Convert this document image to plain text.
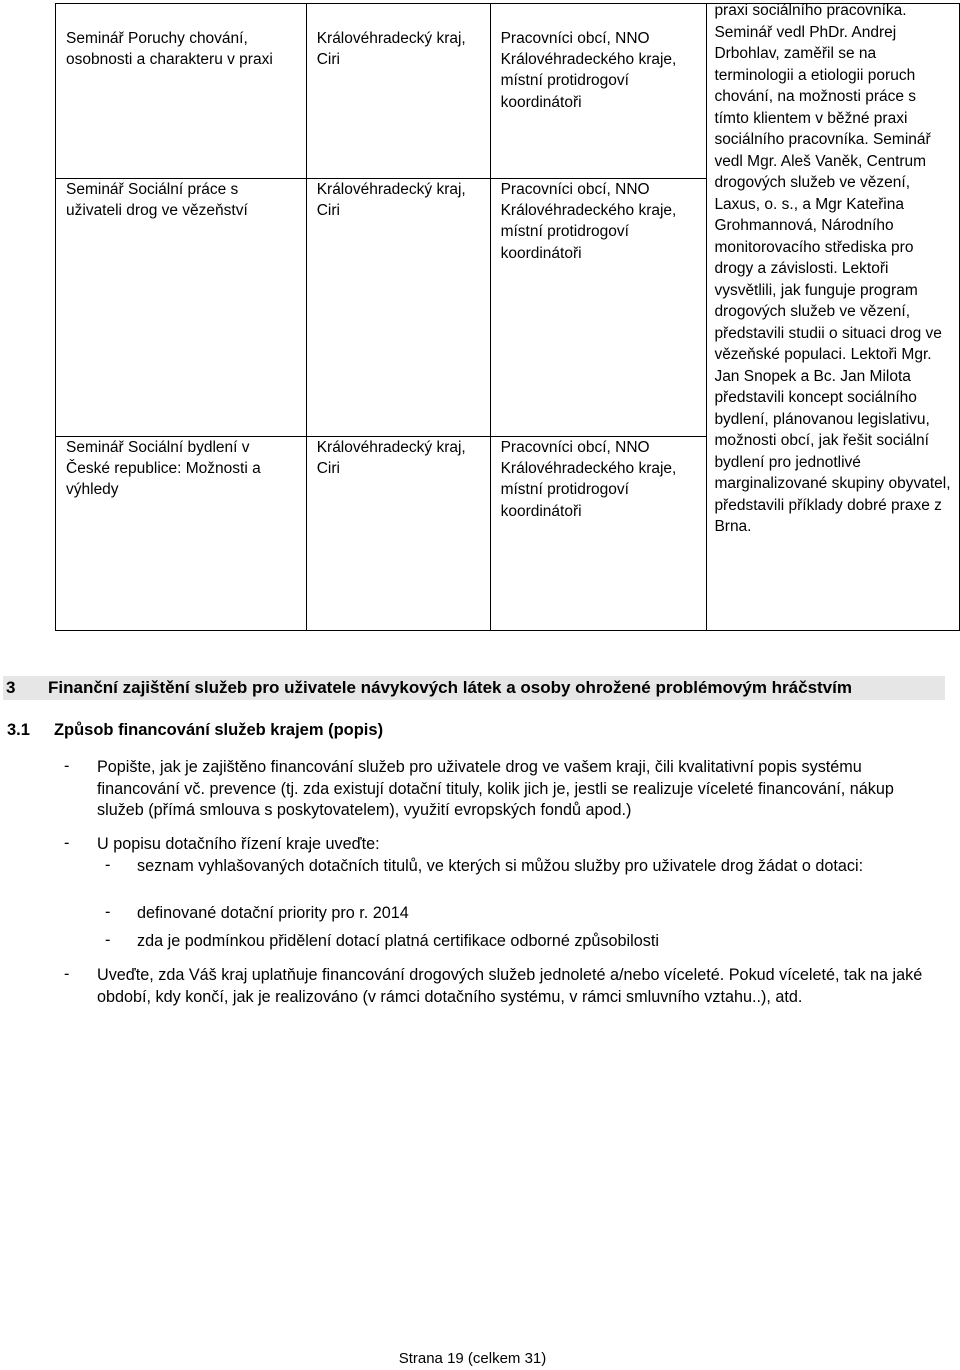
Seminář Poruchy chování, osobnosti a charakteru v praxi	Královéhradecký kraj, Ciri	Pracovníci obcí, NNO Královéhradeckého kraje, místní protidrogoví koordinátoři	praxi sociálního pracovníka. Seminář vedl PhDr. Andrej Drbohlav, zaměřil se na terminologii a etiologii poruch chování, na možnosti práce s tímto klientem v běžné praxi sociálního pracovníka. Seminář vedl Mgr. Aleš Vaněk, Centrum drogových služeb ve vězení, Laxus, o. s., a Mgr Kateřina Grohmannová, Národního monitorovacího střediska pro drogy a závislosti. Lektoři vysvětlili, jak funguje program drogových služeb ve vězení, představili studii o situaci drog ve vězeňské populaci. Lektoři Mgr. Jan Snopek a Bc. Jan Milota představili koncept sociálního bydlení, plánovanou legislativu, možnosti obcí, jak řešit sociální bydlení pro jednotlivé marginalizované skupiny obyvatel, představili příklady dobré praxe z Brna.

Seminář Sociální práce s uživateli drog ve vězeňství	Královéhradecký kraj, Ciri	Pracovníci obcí, NNO Královéhradeckého kraje, místní protidrogoví koordinátoři	
Seminář Sociální bydlení v České republice: Možnosti a výhledy	Královéhradecký kraj, Ciri	Pracovníci obcí, NNO Královéhradeckého kraje, místní protidrogoví koordinátoři	
3 Finanční zajištění služeb pro uživatele návykových látek a osoby ohrožené problémovým hráčstvím
3.1 Způsob financování služeb krajem (popis)
- Popište, jak je zajištěno financování služeb pro uživatele drog ve vašem kraji, čili kvalitativní popis systému financování vč. prevence (tj. zda existují dotační tituly, kolik jich je, jestli se realizuje víceleté financování, nákup služeb (přímá smlouva s poskytovatelem), využití evropských fondů apod.)
- U popisu dotačního řízení kraje uveďte:
- seznam vyhlašovaných dotačních titulů, ve kterých si můžou služby pro uživatele drog žádat o dotaci:
- definované dotační priority pro r. 2014
- zda je podmínkou přidělení dotací platná certifikace odborné způsobilosti
- Uveďte, zda Váš kraj uplatňuje financování drogových služeb jednoleté a/nebo víceleté. Pokud víceleté, tak na jaké období, kdy končí, jak je realizováno (v rámci dotačního systému, v rámci smluvního vztahu..), atd.
Strana 19 (celkem 31)
